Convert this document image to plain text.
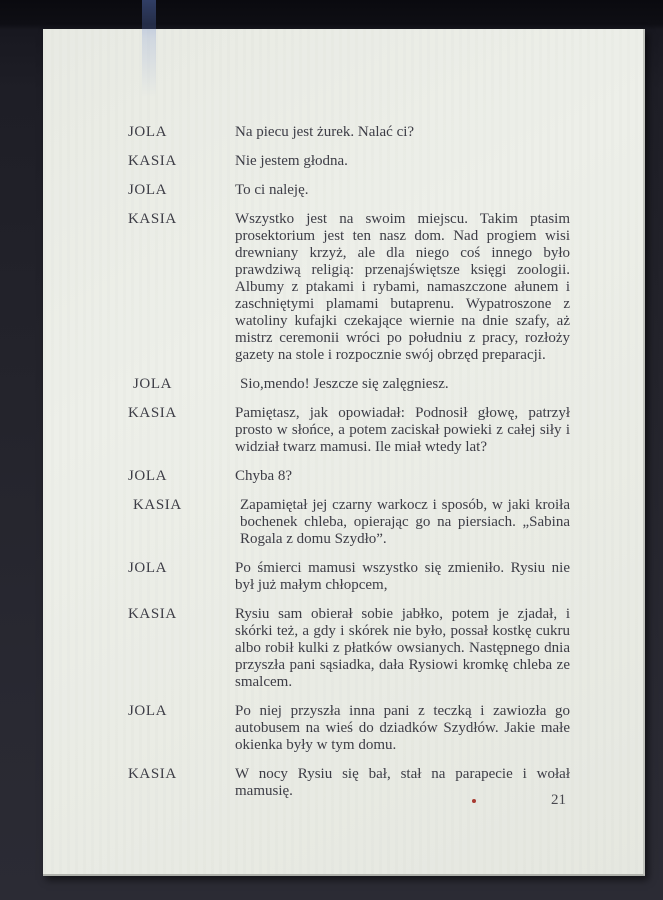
JOLA	Na piecu jest żurek. Nalać ci?
KASIA	Nie jestem głodna.
JOLA	To ci naleję.
KASIA	Wszystko jest na swoim miejscu. Takim ptasim prosektorium jest ten nasz dom. Nad progiem wisi drewniany krzyż, ale dla niego coś innego było prawdziwą religią: przenajświętsze księgi zoologii. Albumy z ptakami i rybami, namaszczone ałunem i zaschniętymi plamami butaprenu. Wypatroszone z watoliny kufajki czekające wiernie na dnie szafy, aż mistrz ceremonii wróci po południu z pracy, rozłoży gazety na stole i rozpocznie swój obrzęd preparacji.
JOLA	Sio,mendo! Jeszcze się zalęgniesz.
KASIA	Pamiętasz, jak opowiadał: Podnosił głowę, patrzył prosto w słońce, a potem zaciskał powieki z całej siły i widział twarz mamusi. Ile miał wtedy lat?
JOLA	Chyba 8?
KASIA	Zapamiętał jej czarny warkocz i sposób, w jaki kroiła bochenek chleba, opierając go na piersiach. „Sabina Rogala z domu Szydło”.
JOLA	Po śmierci mamusi wszystko się zmieniło. Rysiu nie był już małym chłopcem,
KASIA	Rysiu sam obierał sobie jabłko, potem je zjadał, i skórki też, a gdy i skórek nie było, possał kostkę cukru albo robił kulki z płatków owsianych. Następnego dnia przyszła pani sąsiadka, dała Rysiowi kromkę chleba ze smalcem.
JOLA	Po niej przyszła inna pani z teczką i zawiozła go autobusem na wieś do dziadków Szydłów. Jakie małe okienka były w tym domu.
KASIA	W nocy Rysiu się bał, stał na parapecie i wołał mamusię.
21
